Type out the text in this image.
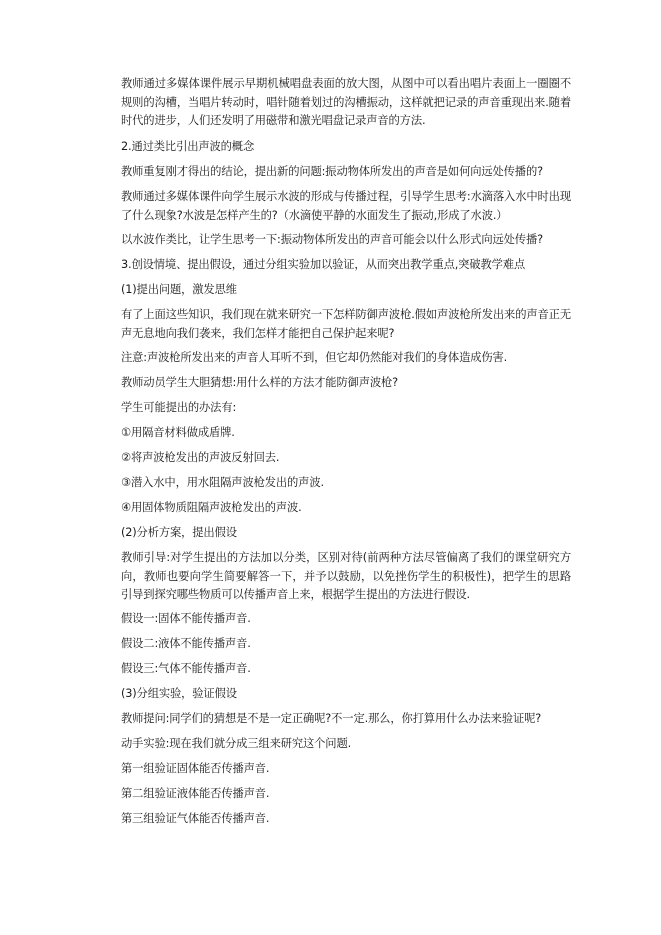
教师通过多媒体课件展示早期机械唱盘表面的放大图，从图中可以看出唱片表面上一圈圈不规则的沟槽，当唱片转动时，唱针随着划过的沟槽振动，这样就把记录的声音重现出来.随着时代的进步，人们还发明了用磁带和激光唱盘记录声音的方法.

2.通过类比引出声波的概念

教师重复刚才得出的结论，提出新的问题:振动物体所发出的声音是如何向远处传播的?

教师通过多媒体课件向学生展示水波的形成与传播过程，引导学生思考:水滴落入水中时出现了什么现象?水波是怎样产生的?（水滴使平静的水面发生了振动,形成了水波.）

以水波作类比，让学生思考一下:振动物体所发出的声音可能会以什么形式向远处传播?

3.创设情境、提出假设，通过分组实验加以验证，从而突出教学重点,突破教学难点

(1)提出问题，激发思维

有了上面这些知识，我们现在就来研究一下怎样防御声波枪.假如声波枪所发出来的声音正无声无息地向我们袭来，我们怎样才能把自己保护起来呢?

注意:声波枪所发出来的声音人耳听不到，但它却仍然能对我们的身体造成伤害.

教师动员学生大胆猜想:用什么样的方法才能防御声波枪?

学生可能提出的办法有:

①用隔音材料做成盾牌.

②将声波枪发出的声波反射回去.

③潜入水中，用水阻隔声波枪发出的声波.

④用固体物质阻隔声波枪发出的声波.

(2)分析方案，提出假设

教师引导:对学生提出的方法加以分类，区别对待(前两种方法尽管偏离了我们的课堂研究方向，教师也要向学生简要解答一下，并予以鼓励，以免挫伤学生的积极性)，把学生的思路引导到探究哪些物质可以传播声音上来，根据学生提出的方法进行假设.

假设一:固体不能传播声音.

假设二:液体不能传播声音.

假设三:气体不能传播声音.

(3)分组实验，验证假设

教师提问:同学们的猜想是不是一定正确呢?不一定.那么，你打算用什么办法来验证呢?

动手实验:现在我们就分成三组来研究这个问题.

第一组验证固体能否传播声音.

第二组验证液体能否传播声音.

第三组验证气体能否传播声音.
